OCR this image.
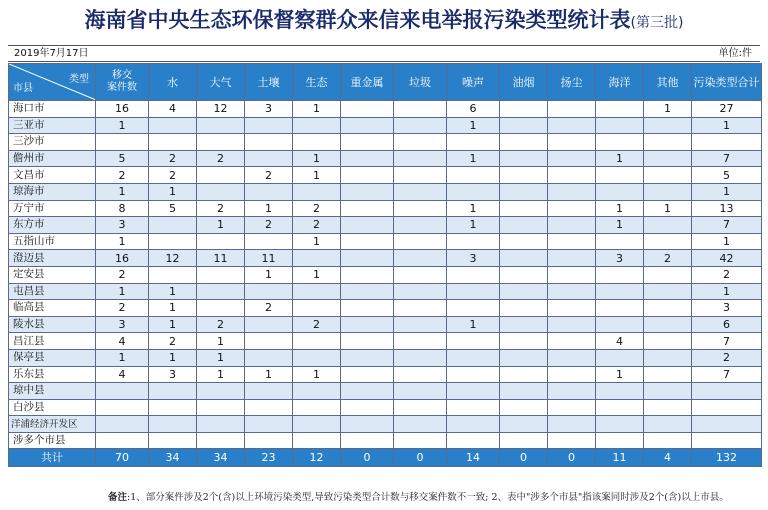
海南省中央生态环保督察群众来信来电举报污染类型统计表(第三批)
2019年7月17日	单位:件
类型
市县	移交
案件数	水	大气	土壤	生态	重金属	垃圾	噪声	油烟	扬尘	海洋	其他	污染类型合计
海口市	16	4	12	3	1			6				1	27
三亚市	1							1					1
三沙市													
儋州市	5	2	2		1			1			1		7
文昌市	2	2		2	1								5
琼海市	1	1											1
万宁市	8	5	2	1	2			1			1	1	13
东方市	3		1	2	2			1			1		7
五指山市	1				1								1
澄迈县	16	12	11	11				3			3	2	42
定安县	2			1	1								2
屯昌县	1	1											1
临高县	2	1		2									3
陵水县	3	1	2		2			1					6
昌江县	4	2	1								4		7
保亭县	1	1	1										2
乐东县	4	3	1	1	1						1		7
琼中县													
白沙县													
洋浦经济开发区													
涉多个市县													
共计	70	34	34	23	12	0	0	14	0	0	11	4	132
备注:1、部分案件涉及2个(含)以上环境污染类型,导致污染类型合计数与移交案件数不一致; 2、表中"涉多个市县"指该案同时涉及2个(含)以上市县。
